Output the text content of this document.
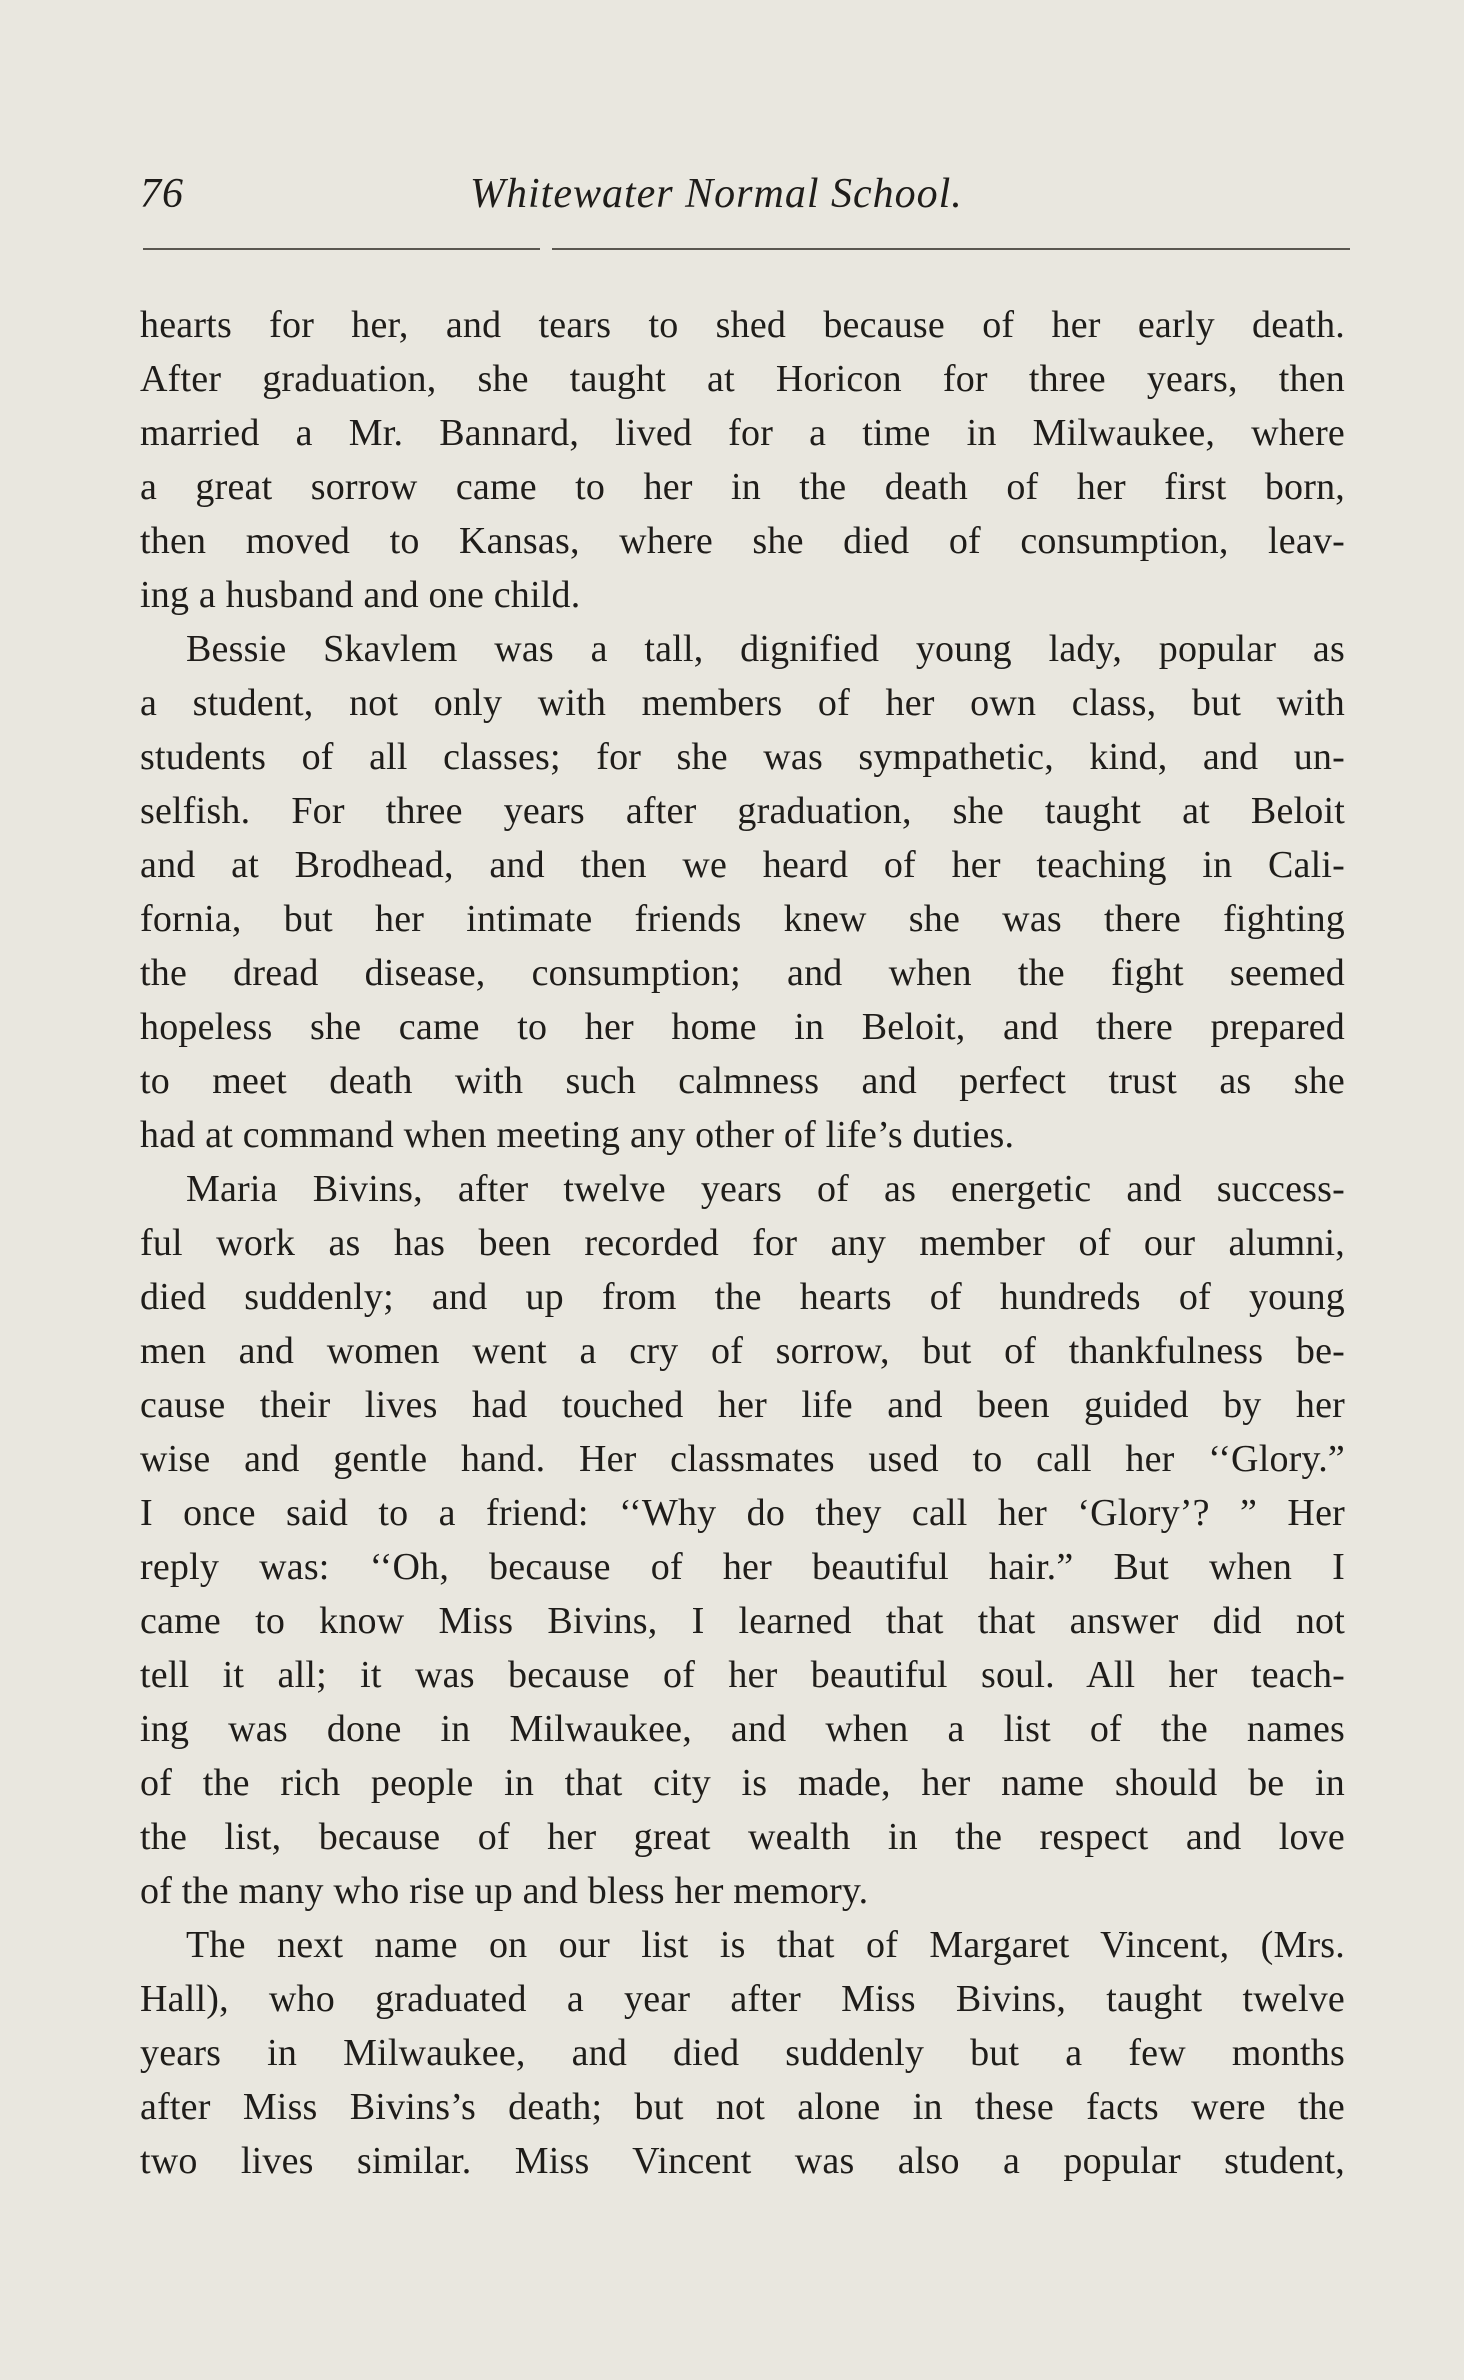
76	Whitewater Normal School.
hearts for her, and tears to shed because of her early death.
After graduation, she taught at Horicon for three years, then
married a Mr. Bannard, lived for a time in Milwaukee, where
a great sorrow came to her in the death of her first born,
then moved to Kansas, where she died of consumption, leav-
ing a husband and one child.
Bessie Skavlem was a tall, dignified young lady, popular as
a student, not only with members of her own class, but with
students of all classes; for she was sympathetic, kind, and un-
selfish. For three years after graduation, she taught at Beloit
and at Brodhead, and then we heard of her teaching in Cali-
fornia, but her intimate friends knew she was there fighting
the dread disease, consumption; and when the fight seemed
hopeless she came to her home in Beloit, and there prepared
to meet death with such calmness and perfect trust as she
had at command when meeting any other of life’s duties.
Maria Bivins, after twelve years of as energetic and success-
ful work as has been recorded for any member of our alumni,
died suddenly; and up from the hearts of hundreds of young
men and women went a cry of sorrow, but of thankfulness be-
cause their lives had touched her life and been guided by her
wise and gentle hand. Her classmates used to call her ‘‘Glory.”
I once said to a friend: ‘‘Why do they call her ‘Glory’? ” Her
reply was: ‘‘Oh, because of her beautiful hair.” But when I
came to know Miss Bivins, I learned that that answer did not
tell it all; it was because of her beautiful soul. All her teach-
ing was done in Milwaukee, and when a list of the names
of the rich people in that city is made, her name should be in
the list, because of her great wealth in the respect and love
of the many who rise up and bless her memory.
The next name on our list is that of Margaret Vincent, (Mrs.
Hall), who graduated a year after Miss Bivins, taught twelve
years in Milwaukee, and died suddenly but a few months
after Miss Bivins’s death; but not alone in these facts were the
two lives similar. Miss Vincent was also a popular student,
